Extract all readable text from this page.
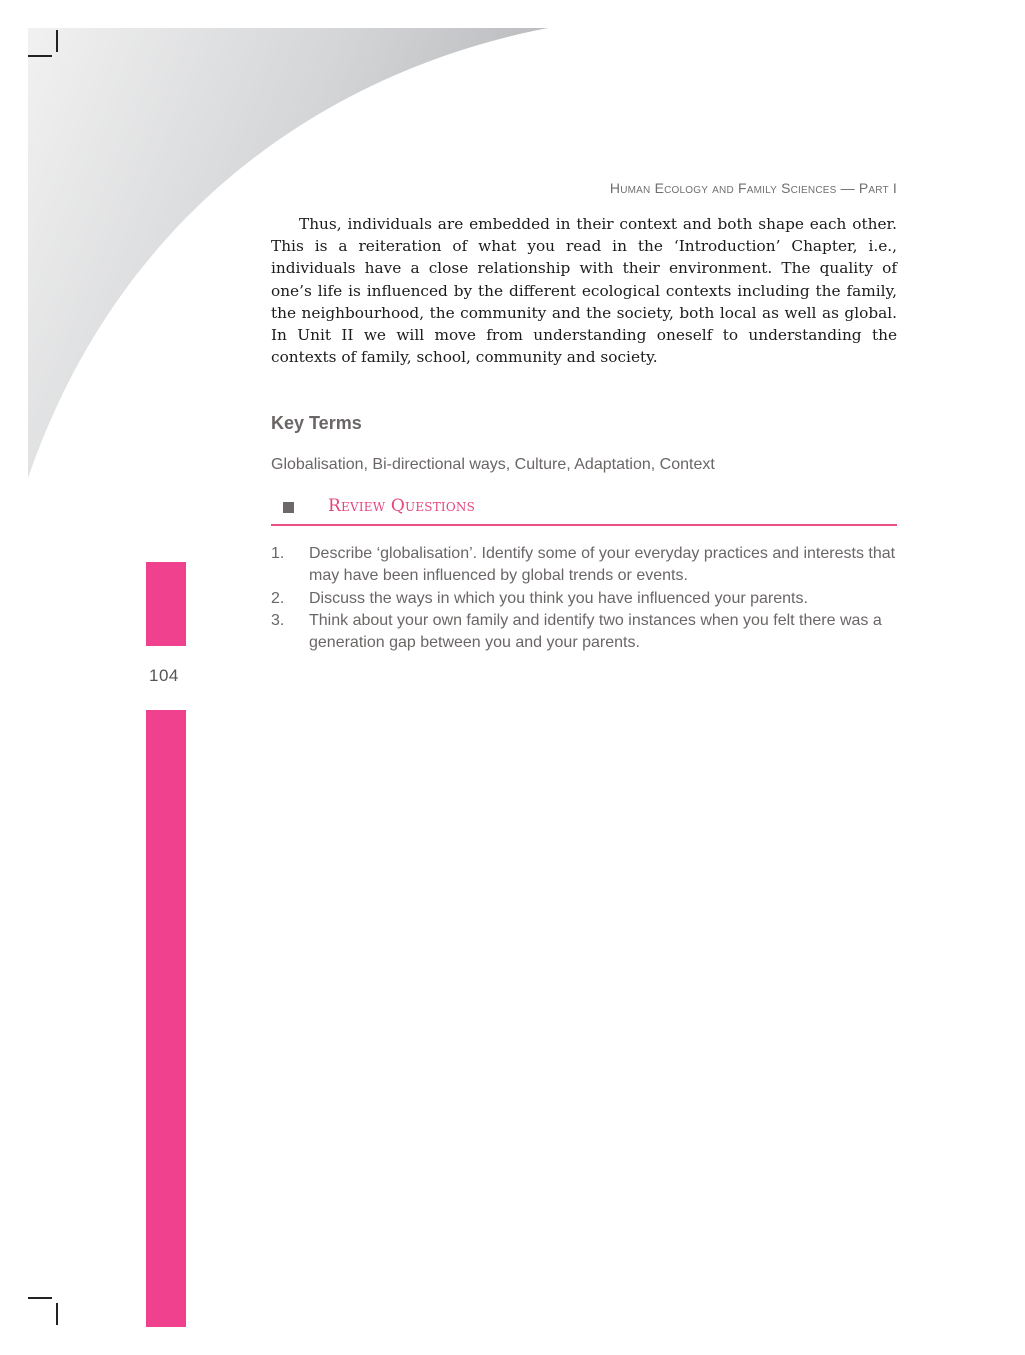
Human Ecology and Family Sciences — Part I

Thus, individuals are embedded in their context and both shape each other. This is a reiteration of what you read in the ‘Introduction’ Chapter, i.e., individuals have a close relationship with their environment. The quality of one’s life is influenced by the different ecological contexts including the family, the neighbourhood, the community and the society, both local as well as global. In Unit II we will move from understanding oneself to understanding the contexts of family, school, community and society.

Key Terms
Globalisation, Bi-directional ways, Culture, Adaptation, Context
Review Questions
1. Describe ‘globalisation’. Identify some of your everyday practices and interests that may have been influenced by global trends or events.
2. Discuss the ways in which you think you have influenced your parents.
3. Think about your own family and identify two instances when you felt there was a generation gap between you and your parents.
104
